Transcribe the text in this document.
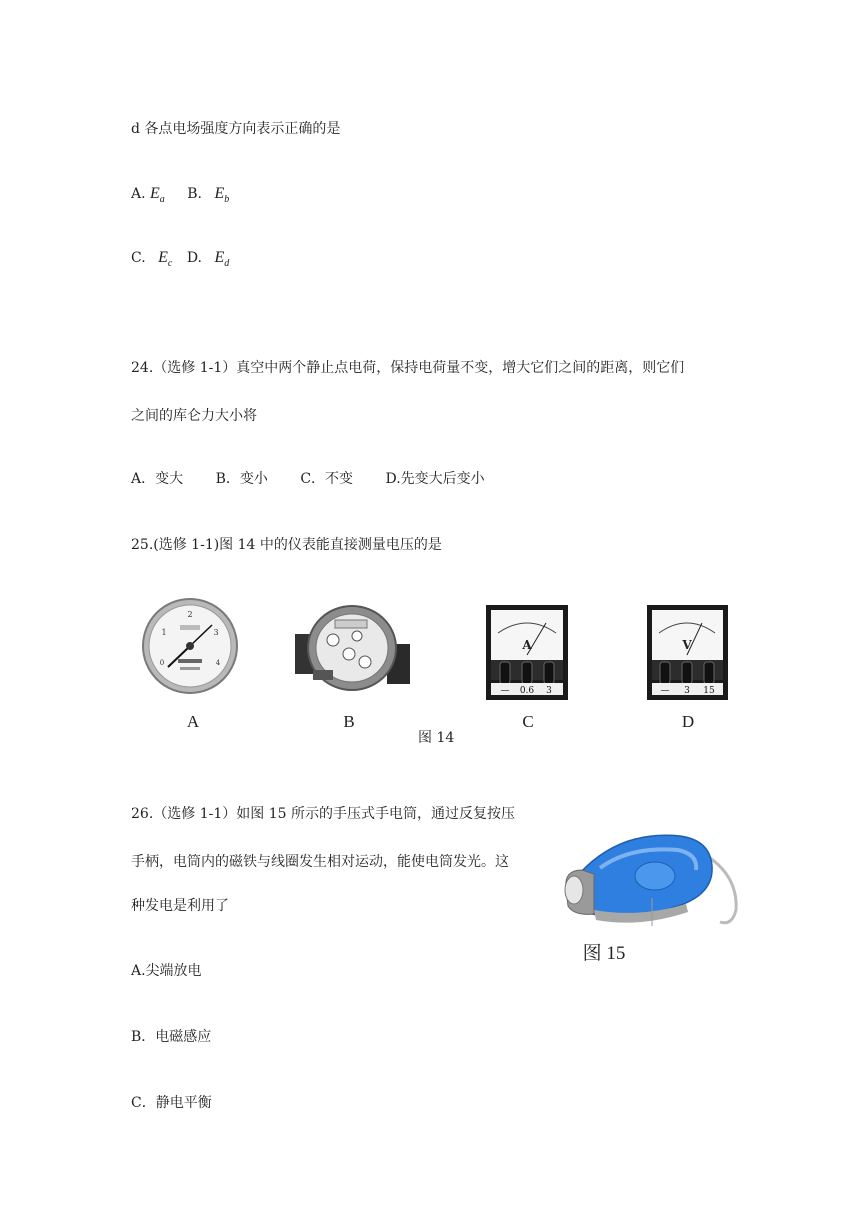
d 各点电场强度方向表示正确的是
A. $E_a$ B. $E_b$
C. $E_c$ D. $E_d$
24.（选修 1-1）真空中两个静止点电荷，保持电荷量不变，增大它们之间的距离，则它们
之间的库仑力大小将
A．变大 B．变小 C．不变 D.先变大后变小
25.(选修 1-1)图 14 中的仪表能直接测量电压的是
2
1	3
0	4
A
— 0.6 3
V
— 3 15
A	B	C	D
图 14
26.（选修 1-1）如图 15 所示的手压式手电筒，通过反复按压
手柄，电筒内的磁铁与线圈发生相对运动，能使电筒发光。这
种发电是利用了
图 15
A.尖端放电
B．电磁感应
C．静电平衡
